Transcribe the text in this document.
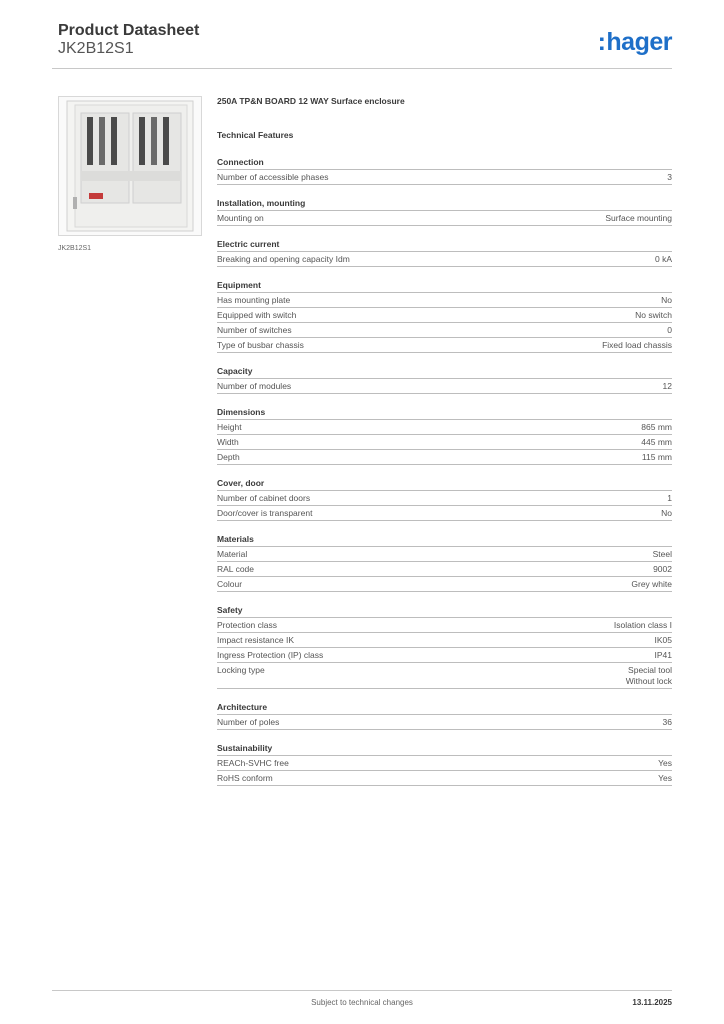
Product Datasheet
JK2B12S1	:hager
JK2B12S1
250A TP&N BOARD 12 WAY Surface enclosure
Technical Features
Connection
Number of accessible phases	3
Installation, mounting
Mounting on	Surface mounting
Electric current
Breaking and opening capacity Idm	0 kA
Equipment
Has mounting plate	No
Equipped with switch	No switch
Number of switches	0
Type of busbar chassis	Fixed load chassis
Capacity
Number of modules	12
Dimensions
Height	865 mm
Width	445 mm
Depth	115 mm
Cover, door
Number of cabinet doors	1
Door/cover is transparent	No
Materials
Material	Steel
RAL code	9002
Colour	Grey white
Safety
Protection class	Isolation class I
Impact resistance IK	IK05
Ingress Protection (IP) class	IP41
Locking type	Special tool
Without lock
Architecture
Number of poles	36
Sustainability
REACh-SVHC free	Yes
RoHS conform	Yes
Subject to technical changes	13.11.2025
